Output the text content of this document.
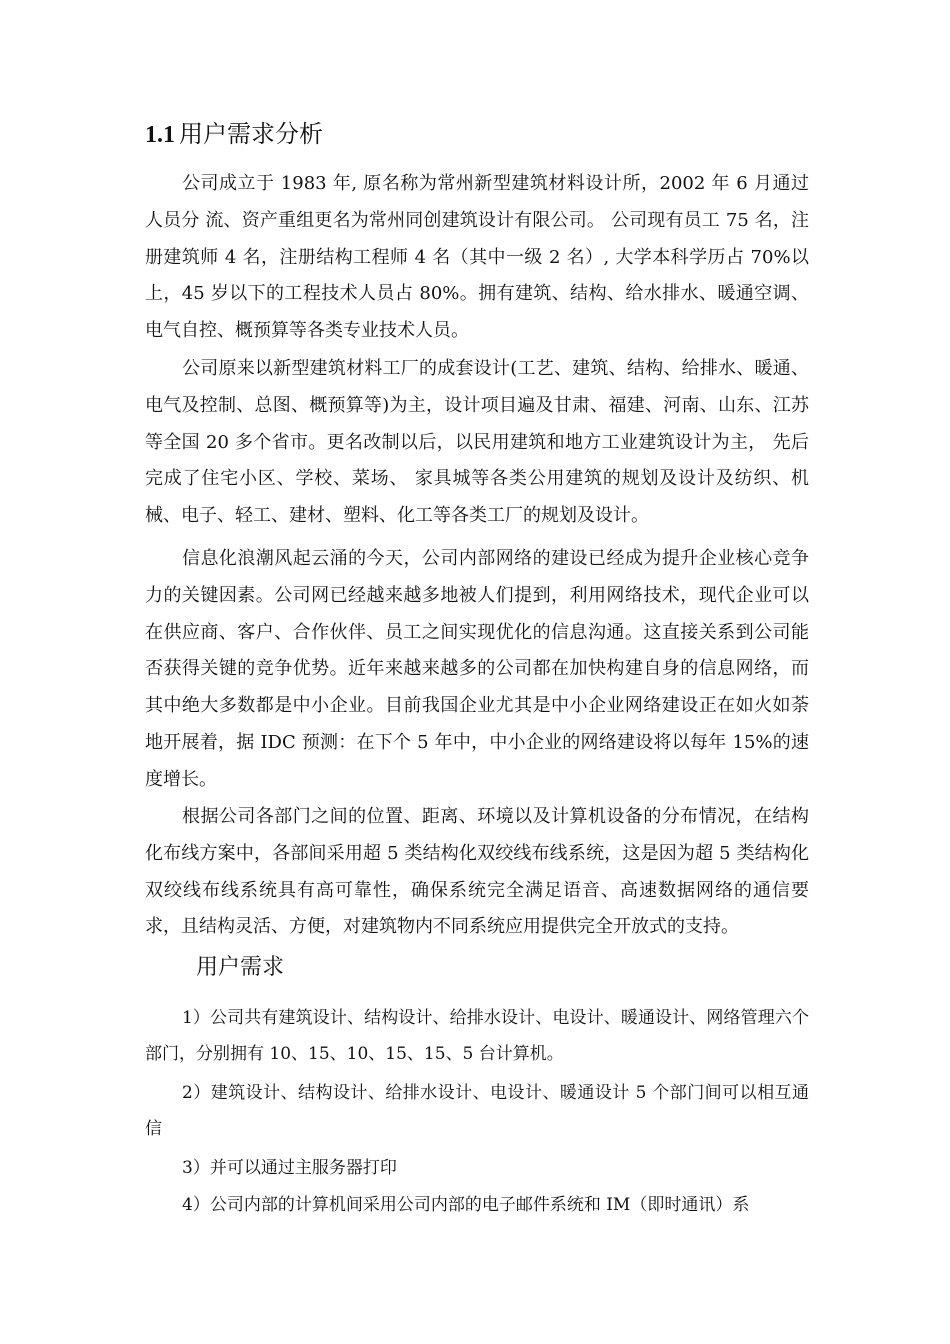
1.1 用户需求分析

公司成立于 1983 年, 原名称为常州新型建筑材料设计所，2002 年 6 月通过人员分 流、资产重组更名为常州同创建筑设计有限公司。 公司现有员工 75 名，注册建筑师 4 名，注册结构工程师 4 名（其中一级 2 名）, 大学本科学历占 70%以上，45 岁以下的工程技术人员占 80%。拥有建筑、结构、给水排水、暖通空调、电气自控、概预算等各类专业技术人员。

公司原来以新型建筑材料工厂的成套设计(工艺、建筑、结构、给排水、暖通、 电气及控制、总图、概预算等)为主，设计项目遍及甘肃、福建、河南、山东、江苏等全国 20 多个省市。更名改制以后，以民用建筑和地方工业建筑设计为主， 先后完成了住宅小区、学校、菜场、 家具城等各类公用建筑的规划及设计及纺织、机械、电子、轻工、建材、塑料、化工等各类工厂的规划及设计。

信息化浪潮风起云涌的今天，公司内部网络的建设已经成为提升企业核心竞争力的关键因素。公司网已经越来越多地被人们提到，利用网络技术，现代企业可以在供应商、客户、合作伙伴、员工之间实现优化的信息沟通。这直接关系到公司能否获得关键的竞争优势。近年来越来越多的公司都在加快构建自身的信息网络，而其中绝大多数都是中小企业。目前我国企业尤其是中小企业网络建设正在如火如荼地开展着，据 IDC 预测：在下个 5 年中，中小企业的网络建设将以每年 15%的速度增长。

根据公司各部门之间的位置、距离、环境以及计算机设备的分布情况，在结构化布线方案中，各部间采用超 5 类结构化双绞线布线系统，这是因为超 5 类结构化双绞线布线系统具有高可靠性，确保系统完全满足语音、高速数据网络的通信要求，且结构灵活、方便，对建筑物内不同系统应用提供完全开放式的支持。

用户需求

1）公司共有建筑设计、结构设计、给排水设计、电设计、暖通设计、网络管理六个部门，分别拥有 10、15、10、15、15、5 台计算机。

2）建筑设计、结构设计、给排水设计、电设计、暖通设计 5 个部门间可以相互通信

3）并可以通过主服务器打印

4）公司内部的计算机间采用公司内部的电子邮件系统和 IM（即时通讯）系
